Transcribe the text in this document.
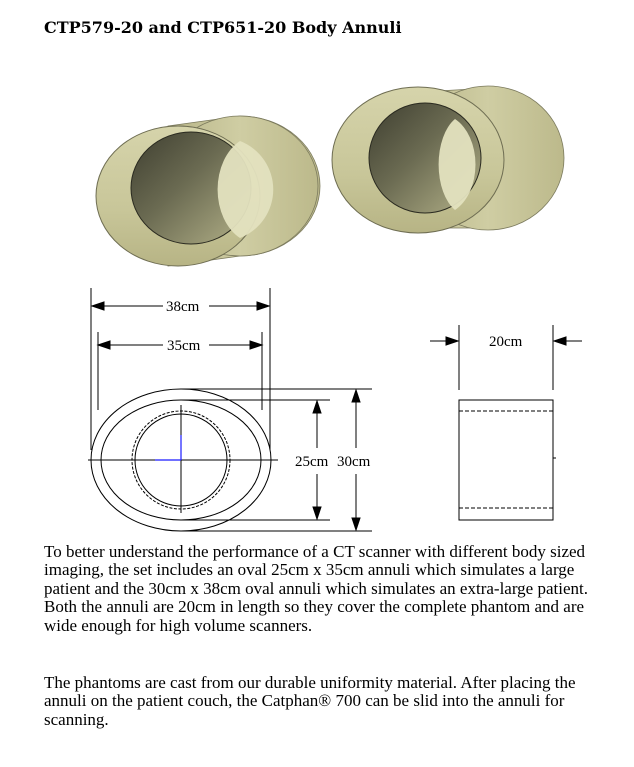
CTP579-20 and CTP651-20 Body Annuli
38cm
35cm
25cm 30cm
20cm

To better understand the performance of a CT scanner with different body sized imaging, the set includes an oval 25cm x 35cm annuli which simulates a large patient and the 30cm x 38cm oval annuli which simulates an extra-large patient. Both the annuli are 20cm in length so they cover the complete phantom and are wide enough for high volume scanners.

The phantoms are cast from our durable uniformity material. After placing the annuli on the patient couch, the Catphan® 700 can be slid into the annuli for scanning.
